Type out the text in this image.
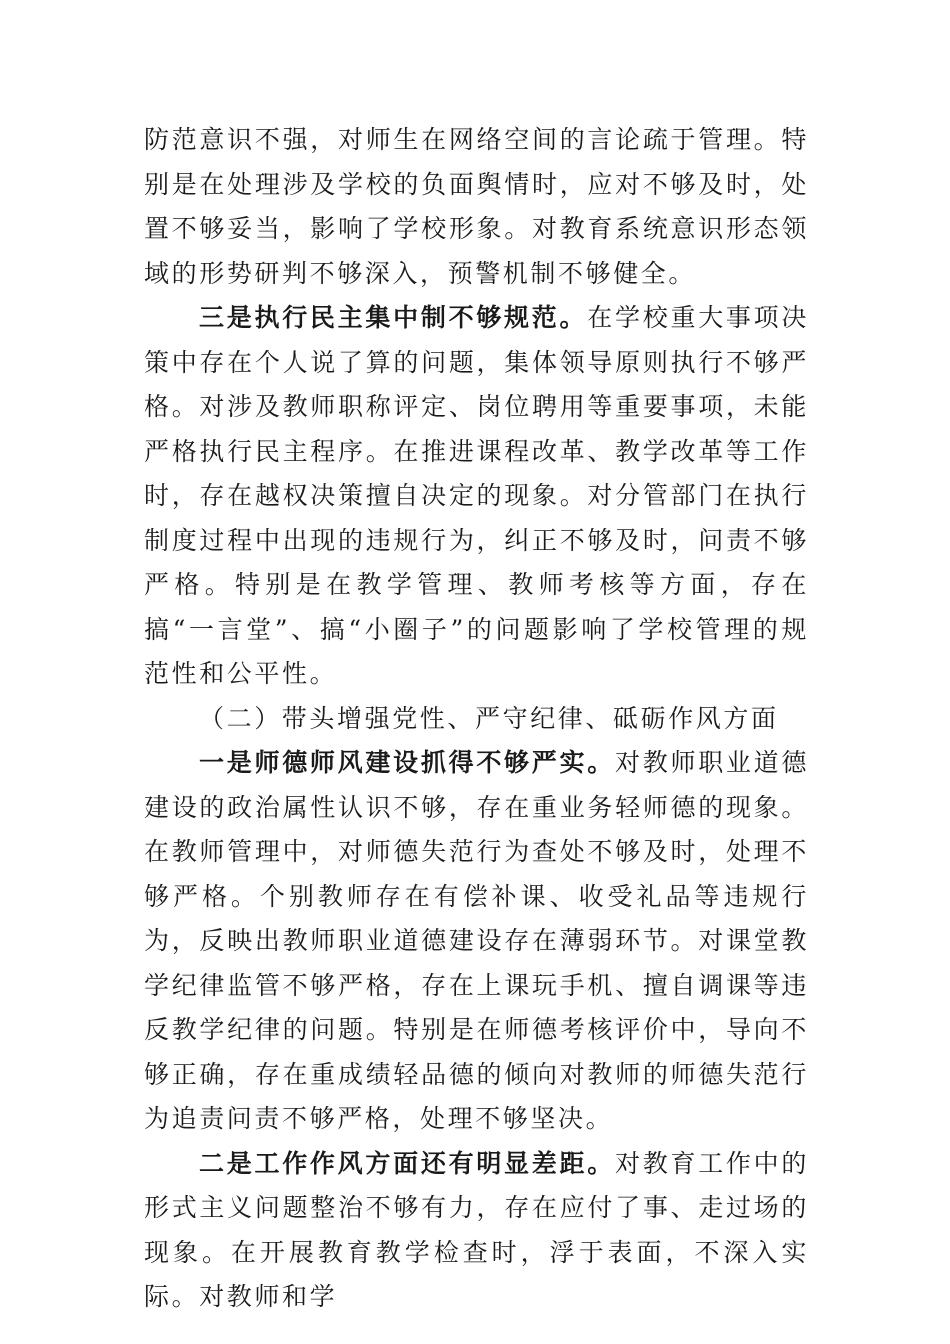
防范意识不强，对师生在网络空间的言论疏于管理。特别是在处理涉及学校的负面舆情时，应对不够及时，处置不够妥当，影响了学校形象。对教育系统意识形态领域的形势研判不够深入，预警机制不够健全。

三是执行民主集中制不够规范。在学校重大事项决策中存在个人说了算的问题，集体领导原则执行不够严格。对涉及教师职称评定、岗位聘用等重要事项，未能严格执行民主程序。在推进课程改革、教学改革等工作时，存在越权决策擅自决定的现象。对分管部门在执行制度过程中出现的违规行为，纠正不够及时，问责不够严格。特别是在教学管理、教师考核等方面，存在搞“一言堂”、搞“小圈子”的问题影响了学校管理的规范性和公平性。

（二）带头增强党性、严守纪律、砥砺作风方面

一是师德师风建设抓得不够严实。对教师职业道德建设的政治属性认识不够，存在重业务轻师德的现象。在教师管理中，对师德失范行为查处不够及时，处理不够严格。个别教师存在有偿补课、收受礼品等违规行为，反映出教师职业道德建设存在薄弱环节。对课堂教学纪律监管不够严格，存在上课玩手机、擅自调课等违反教学纪律的问题。特别是在师德考核评价中，导向不够正确，存在重成绩轻品德的倾向对教师的师德失范行为追责问责不够严格，处理不够坚决。

二是工作作风方面还有明显差距。对教育工作中的形式主义问题整治不够有力，存在应付了事、走过场的现象。在开展教育教学检查时，浮于表面，不深入实际。对教师和学
